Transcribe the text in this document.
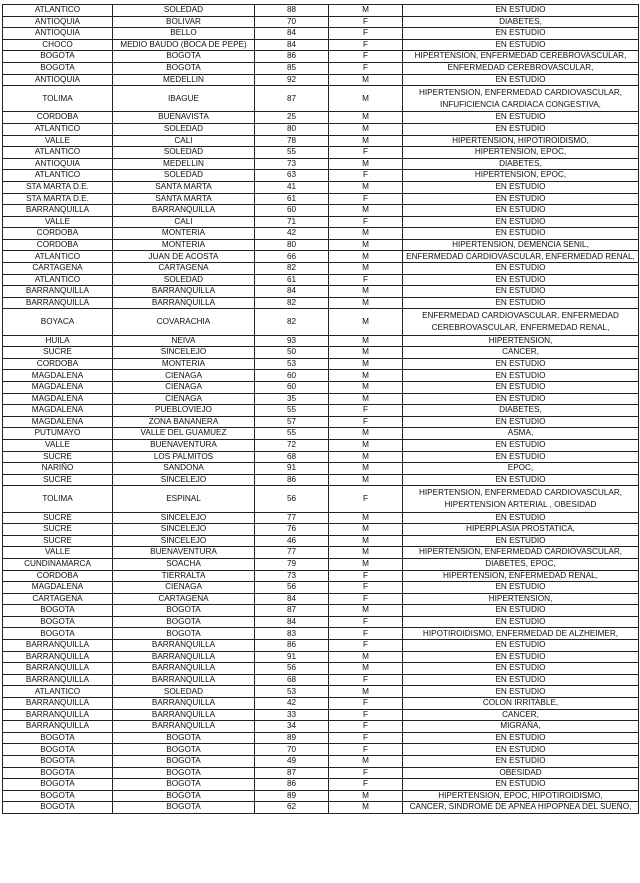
ATLANTICO	SOLEDAD	88	M	EN ESTUDIO
ANTIOQUIA	BOLIVAR	70	F	DIABETES,
ANTIOQUIA	BELLO	84	F	EN ESTUDIO
CHOCO	MEDIO BAUDO (BOCA DE PEPE)	84	F	EN ESTUDIO
BOGOTA	BOGOTA	86	F	HIPERTENSION, ENFERMEDAD CEREBROVASCULAR,
BOGOTA	BOGOTA	85	F	ENFERMEDAD CEREBROVASCULAR,
ANTIOQUIA	MEDELLIN	92	M	EN ESTUDIO
TOLIMA	IBAGUE	87	M	HIPERTENSION, ENFERMEDAD CARDIOVASCULAR, INFUFICIENCIA CARDIACA CONGESTIVA,
CORDOBA	BUENAVISTA	25	M	EN ESTUDIO
ATLANTICO	SOLEDAD	80	M	EN ESTUDIO
VALLE	CALI	78	M	HIPERTENSION, HIPOTIROIDISMO,
ATLANTICO	SOLEDAD	55	F	HIPERTENSION, EPOC,
ANTIOQUIA	MEDELLIN	73	M	DIABETES,
ATLANTICO	SOLEDAD	63	F	HIPERTENSION, EPOC,
STA MARTA D.E.	SANTA MARTA	41	M	EN ESTUDIO
STA MARTA D.E.	SANTA MARTA	61	F	EN ESTUDIO
BARRANQUILLA	BARRANQUILLA	60	M	EN ESTUDIO
VALLE	CALI	71	F	EN ESTUDIO
CORDOBA	MONTERIA	42	M	EN ESTUDIO
CORDOBA	MONTERIA	80	M	HIPERTENSION, DEMENCIA SENIL,
ATLANTICO	JUAN DE ACOSTA	66	M	ENFERMEDAD CARDIOVASCULAR, ENFERMEDAD RENAL,
CARTAGENA	CARTAGENA	82	M	EN ESTUDIO
ATLANTICO	SOLEDAD	61	F	EN ESTUDIO
BARRANQUILLA	BARRANQUILLA	84	M	EN ESTUDIO
BARRANQUILLA	BARRANQUILLA	82	M	EN ESTUDIO
BOYACA	COVARACHIA	82	M	ENFERMEDAD CARDIOVASCULAR, ENFERMEDAD CEREBROVASCULAR, ENFERMEDAD RENAL,
HUILA	NEIVA	93	M	HIPERTENSION,
SUCRE	SINCELEJO	50	M	CANCER,
CORDOBA	MONTERIA	53	M	EN ESTUDIO
MAGDALENA	CIENAGA	60	M	EN ESTUDIO
MAGDALENA	CIENAGA	60	M	EN ESTUDIO
MAGDALENA	CIENAGA	35	M	EN ESTUDIO
MAGDALENA	PUEBLOVIEJO	55	F	DIABETES,
MAGDALENA	ZONA BANANERA	57	F	EN ESTUDIO
PUTUMAYO	VALLE DEL GUAMUEZ	55	M	ASMA,
VALLE	BUENAVENTURA	72	M	EN ESTUDIO
SUCRE	LOS PALMITOS	68	M	EN ESTUDIO
NARIÑO	SANDONA	91	M	EPOC,
SUCRE	SINCELEJO	86	M	EN ESTUDIO
TOLIMA	ESPINAL	56	F	HIPERTENSION, ENFERMEDAD CARDIOVASCULAR, HIPERTENSION ARTERIAL , OBESIDAD
SUCRE	SINCELEJO	77	M	EN ESTUDIO
SUCRE	SINCELEJO	76	M	HIPERPLASIA PROSTATICA,
SUCRE	SINCELEJO	46	M	EN ESTUDIO
VALLE	BUENAVENTURA	77	M	HIPERTENSION, ENFERMEDAD CARDIOVASCULAR,
CUNDINAMARCA	SOACHA	79	M	DIABETES, EPOC,
CORDOBA	TIERRALTA	73	F	HIPERTENSION, ENFERMEDAD RENAL,
MAGDALENA	CIENAGA	56	F	EN ESTUDIO
CARTAGENA	CARTAGENA	84	F	HIPERTENSION,
BOGOTA	BOGOTA	87	M	EN ESTUDIO
BOGOTA	BOGOTA	84	F	EN ESTUDIO
BOGOTA	BOGOTA	83	F	HIPOTIROIDISMO, ENFERMEDAD DE ALZHEIMER,
BARRANQUILLA	BARRANQUILLA	86	F	EN ESTUDIO
BARRANQUILLA	BARRANQUILLA	91	M	EN ESTUDIO
BARRANQUILLA	BARRANQUILLA	56	M	EN ESTUDIO
BARRANQUILLA	BARRANQUILLA	68	F	EN ESTUDIO
ATLANTICO	SOLEDAD	53	M	EN ESTUDIO
BARRANQUILLA	BARRANQUILLA	42	F	COLON IRRITABLE,
BARRANQUILLA	BARRANQUILLA	33	F	CANCER,
BARRANQUILLA	BARRANQUILLA	34	F	MIGRAÑA,
BOGOTA	BOGOTA	89	F	EN ESTUDIO
BOGOTA	BOGOTA	70	F	EN ESTUDIO
BOGOTA	BOGOTA	49	M	EN ESTUDIO
BOGOTA	BOGOTA	87	F	OBESIDAD
BOGOTA	BOGOTA	86	F	EN ESTUDIO
BOGOTA	BOGOTA	89	M	HIPERTENSION, EPOC, HIPOTIROIDISMO,
BOGOTA	BOGOTA	62	M	CANCER, SINDROME DE APNEA HIPOPNEA DEL SUEÑO,
